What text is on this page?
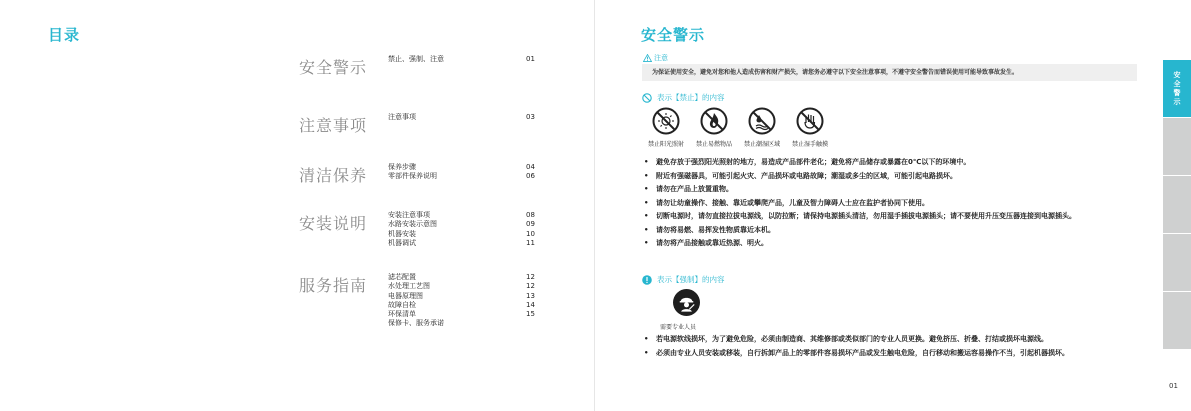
目录
安全警示	禁止、强制、注意	01
注意事项	注意事项	03
清洁保养	保养步骤	04
零部件保养说明	06
安装说明	安装注意事项	08
水路安装示意图	09
机器安装	10
机器调试	11
服务指南	滤芯配置	12
水处理工艺图	12
电器原理图	13
故障自检	14
环保清单	15
保修卡、服务承诺
安全警示
注意
为保证使用安全，避免对您和他人造成伤害和财产损失，请您务必遵守以下安全注意事项，不遵守安全警告而错误使用可能导致事故发生。
表示【禁止】的内容
禁止阳光照射 禁止易燃物品 禁止潮湿区域 禁止湿手触摸
• 避免存放于强烈阳光照射的地方，易造成产品部件老化；避免将产品储存或暴露在0℃以下的环境中。
• 附近有强磁器具，可能引起火灾、产品损坏或电路故障；潮湿或多尘的区域，可能引起电路损坏。
• 请勿在产品上放置重物。
• 请勿让幼童操作、接触、靠近或攀爬产品，儿童及智力障碍人士应在监护者协同下使用。
• 切断电源时，请勿直接拉拔电源线，以防拉断；请保持电源插头清洁，勿用湿手插拔电源插头；请不要使用升压变压器连接到电源插头。
• 请勿将易燃、易挥发性物质靠近本机。
• 请勿将产品接触或靠近热源、明火。
表示【强制】的内容
需要专业人员
• 若电源软线损坏，为了避免危险，必须由制造商、其维修部或类似部门的专业人员更换。避免挤压、折叠、打结或损坏电源线。
• 必须由专业人员安装或移装，自行拆卸产品上的零部件容易损坏产品或发生触电危险，自行移动和搬运容易操作不当，引起机器损坏。
01
安全警示
